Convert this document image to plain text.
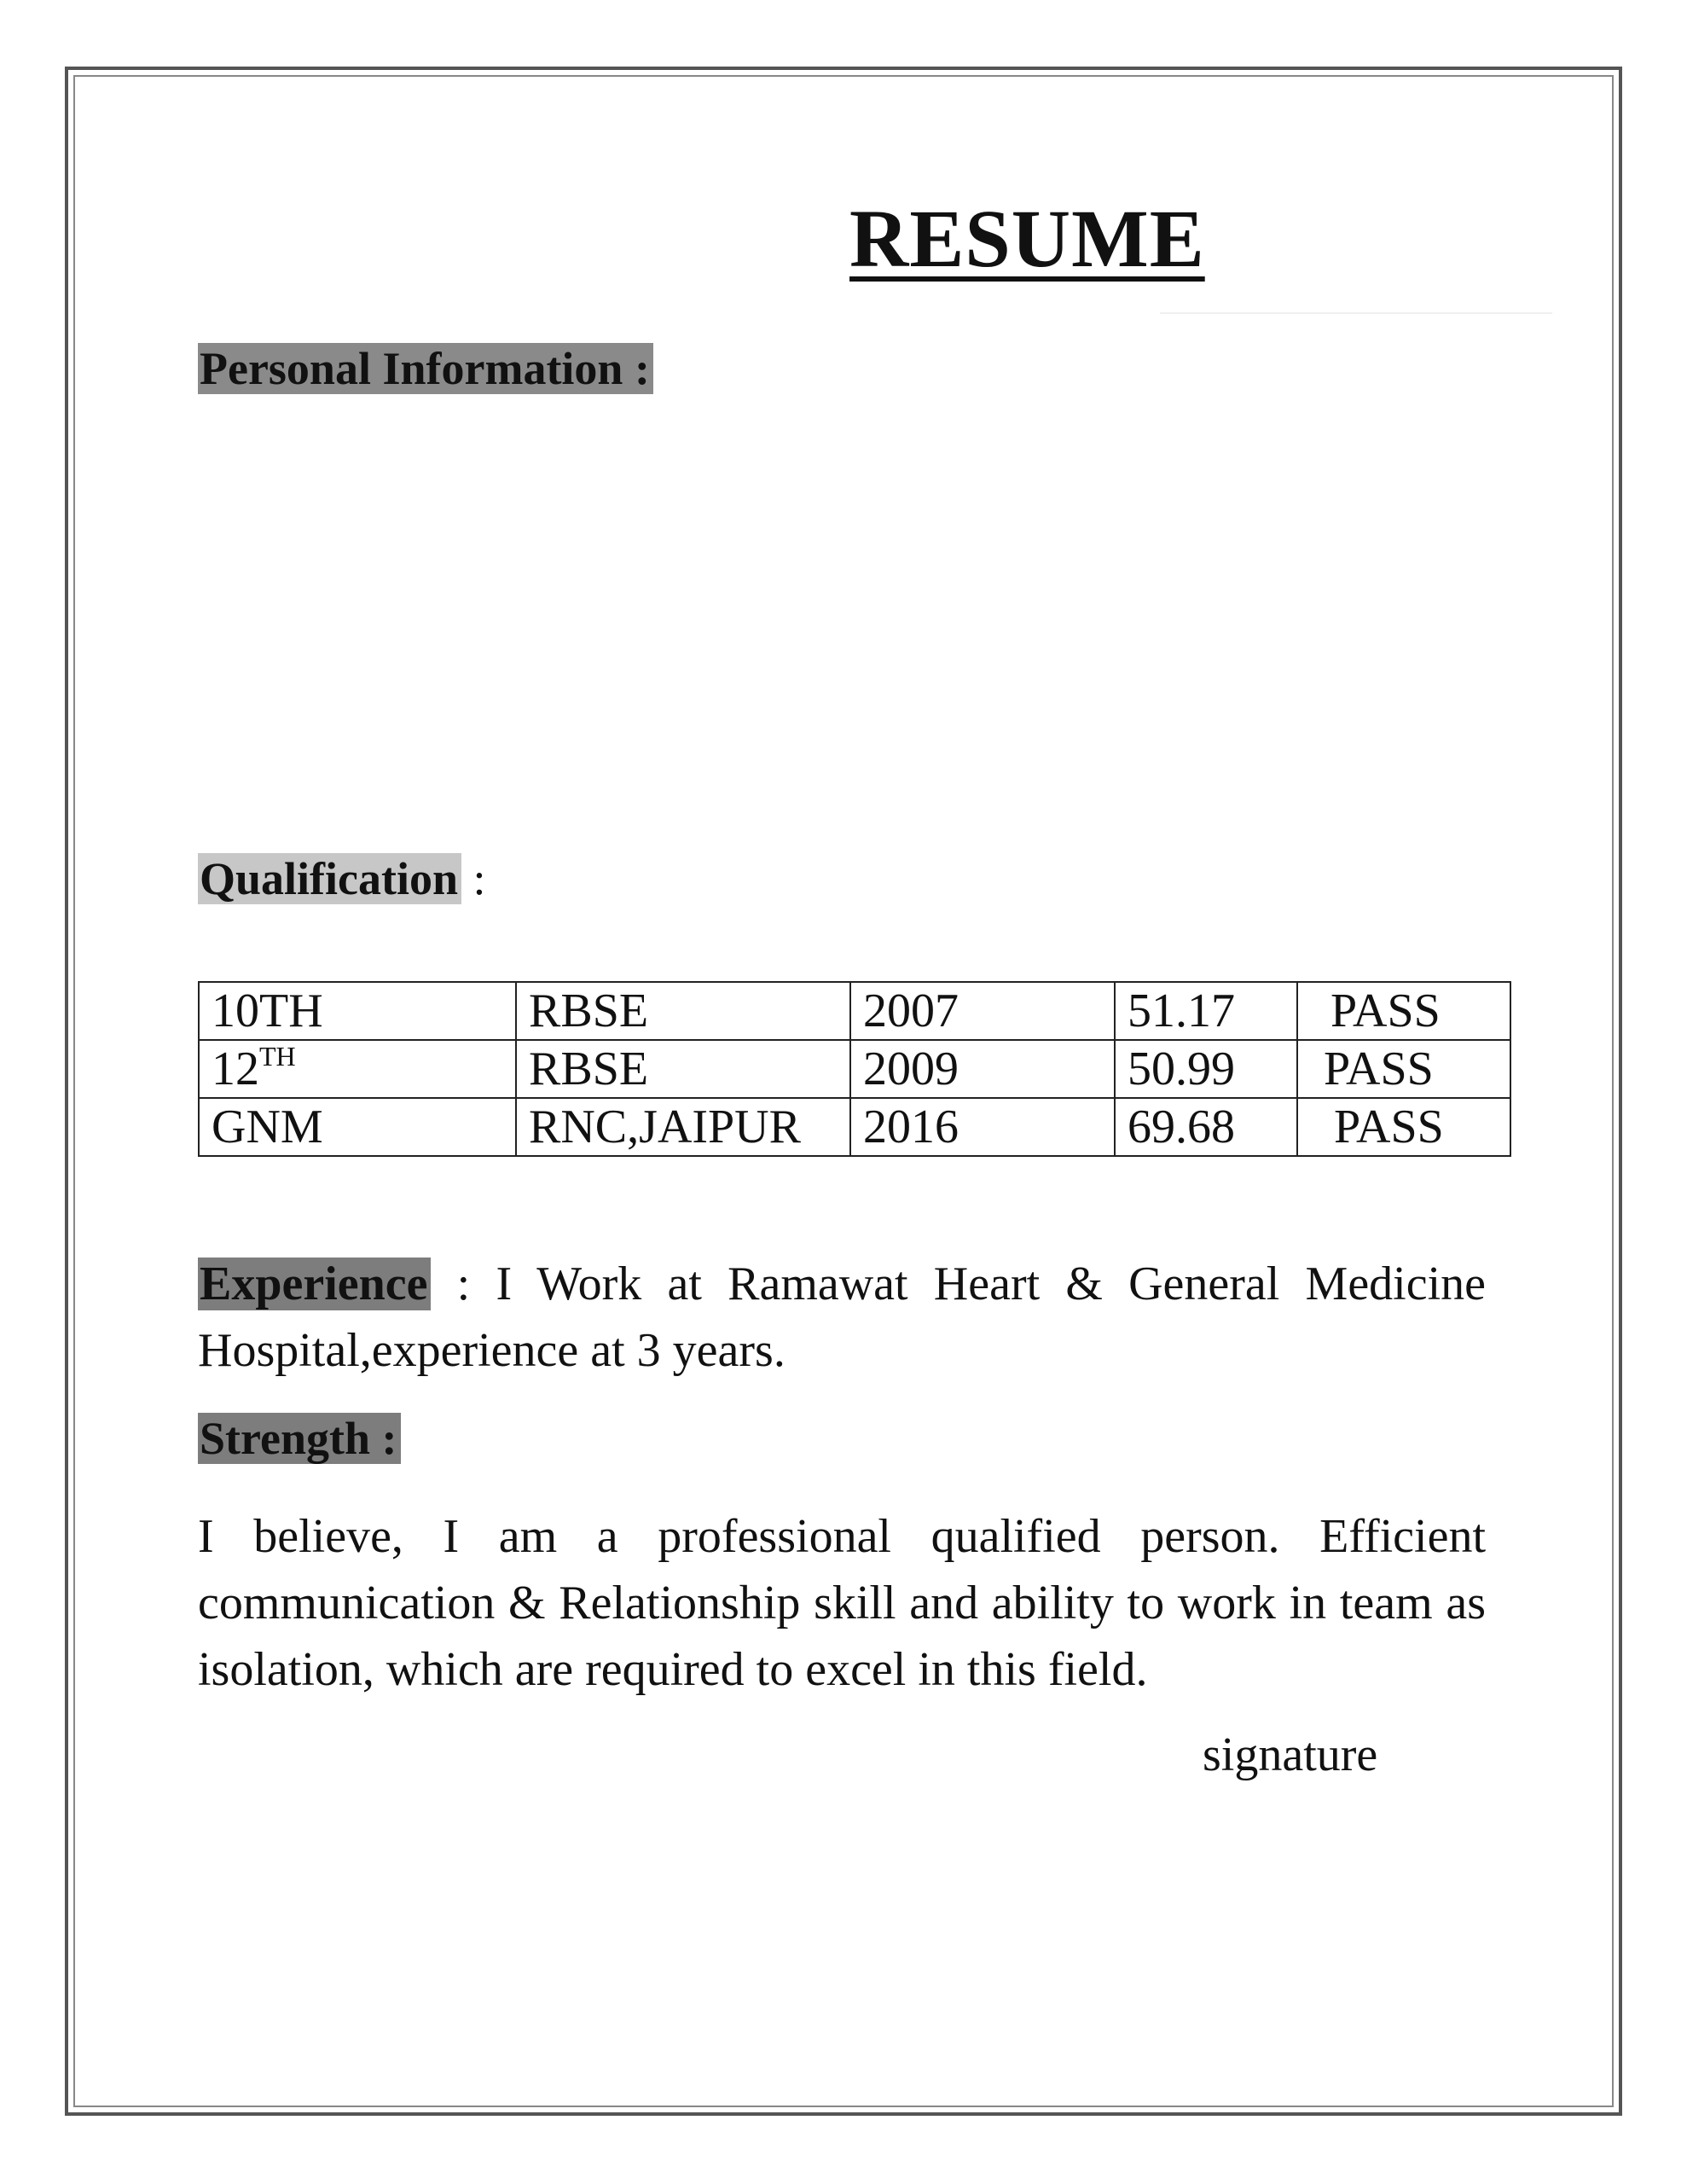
RESUME
Personal Information :
Qualification :
10TH	RBSE	2007	51.17	PASS
12TH	RBSE	2009	50.99	PASS
GNM	RNC,JAIPUR	2016	69.68	PASS
Experience : I Work at Ramawat Heart & General Medicine Hospital,experience at 3 years.
Strength :
I believe, I am a professional qualified person. Efficient communication & Relationship skill and ability to work in team as isolation, which are required to excel in this field.
signature
